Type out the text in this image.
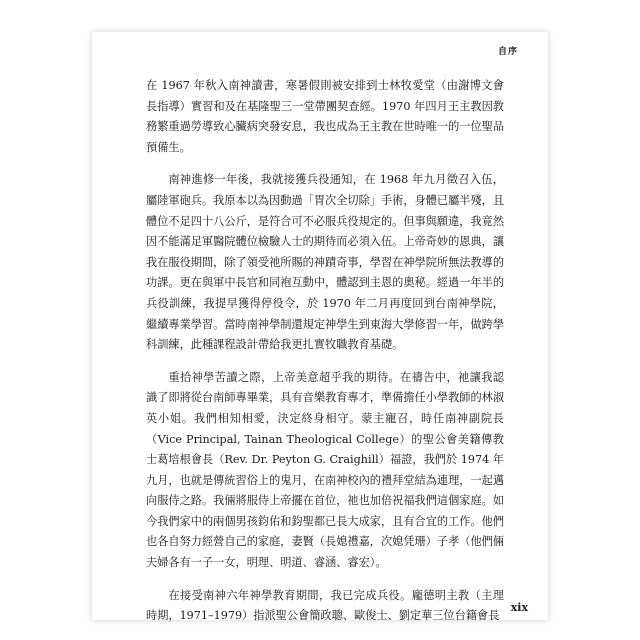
自序

在 1967 年秋入南神讀書，寒暑假則被安排到士林牧愛堂（由謝博文會長指導）實習和及在基隆聖三一堂帶團契查經。1970 年四月王主教因教務繁重過勞導致心臟病突發安息，我也成為王主教在世時唯一的一位聖品預備生。

南神進修一年後，我就接獲兵役通知，在 1968 年九月徵召入伍，屬陸軍砲兵。我原本以為因動過「胃次全切除」手術，身體已屬半殘，且體位不足四十八公斤，是符合可不必服兵役規定的。但事與願違，我竟然因不能滿足軍醫院體位檢驗人士的期待而必須入伍。上帝奇妙的恩典，讓我在服役期間，除了領受祂所賜的神蹟奇事，學習在神學院所無法教導的功課。更在與軍中長官和同袍互動中，體認到主恩的奧秘。經過一年半的兵役訓練，我提早獲得停役令，於 1970 年二月再度回到台南神學院，繼續專業學習。當時南神學制還規定神學生到東海大學修習一年，做跨學科訓練，此種課程設計帶給我更扎實牧職教育基礎。

重拾神學苦讀之際，上帝美意超乎我的期待。在禱告中，祂讓我認識了即將從台南師專畢業，具有音樂教育專才，準備擔任小學教師的林淑英小姐。我們相知相愛，決定終身相守。蒙主寵召，時任南神副院長（Vice Principal, Tainan Theological College）的聖公會美籍傳教士葛培根會長（Rev. Dr. Peyton G. Craighill）福證，我們於 1974 年九月，也就是傳統習俗上的鬼月，在南神校內的禮拜堂結為連理，一起邁向服侍之路。我倆將服侍上帝擺在首位，祂也加倍祝福我們這個家庭。如今我們家中的兩個男孩鈞佑和鈞聖都已長大成家，且有合宜的工作。他們也各自努力經營自己的家庭，妻賢（長媳禮嘉，次媳凭珊）子孝（他們倆夫婦各有一子一女，明理、明道、睿涵、睿宏）。

在接受南神六年神學教育期間，我已完成兵役。龐德明主教（主理時期，1971–1979）指派聖公會簡政聰、歐俊士、劉定華三位台籍會長

xix
